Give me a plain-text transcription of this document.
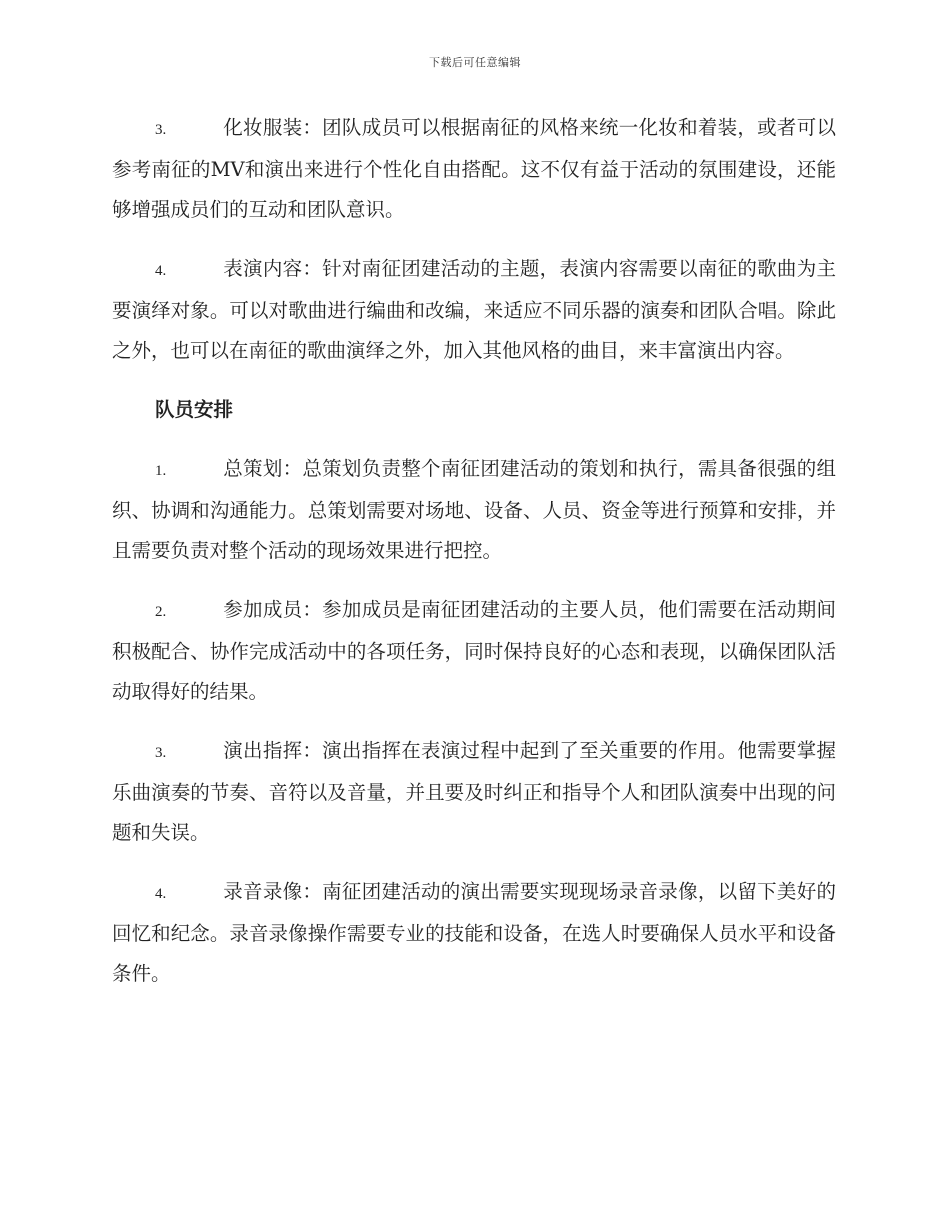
下载后可任意编辑

3.	化妆服装：团队成员可以根据南征的风格来统一化妆和着装，或者可以参考南征的MV和演出来进行个性化自由搭配。这不仅有益于活动的氛围建设，还能够增强成员们的互动和团队意识。

4.	表演内容：针对南征团建活动的主题，表演内容需要以南征的歌曲为主要演绎对象。可以对歌曲进行编曲和改编，来适应不同乐器的演奏和团队合唱。除此之外，也可以在南征的歌曲演绎之外，加入其他风格的曲目，来丰富演出内容。

队员安排

1.	总策划：总策划负责整个南征团建活动的策划和执行，需具备很强的组织、协调和沟通能力。总策划需要对场地、设备、人员、资金等进行预算和安排，并且需要负责对整个活动的现场效果进行把控。

2.	参加成员：参加成员是南征团建活动的主要人员，他们需要在活动期间积极配合、协作完成活动中的各项任务，同时保持良好的心态和表现，以确保团队活动取得好的结果。

3.	演出指挥：演出指挥在表演过程中起到了至关重要的作用。他需要掌握乐曲演奏的节奏、音符以及音量，并且要及时纠正和指导个人和团队演奏中出现的问题和失误。

4.	录音录像：南征团建活动的演出需要实现现场录音录像，以留下美好的回忆和纪念。录音录像操作需要专业的技能和设备，在选人时要确保人员水平和设备条件。
